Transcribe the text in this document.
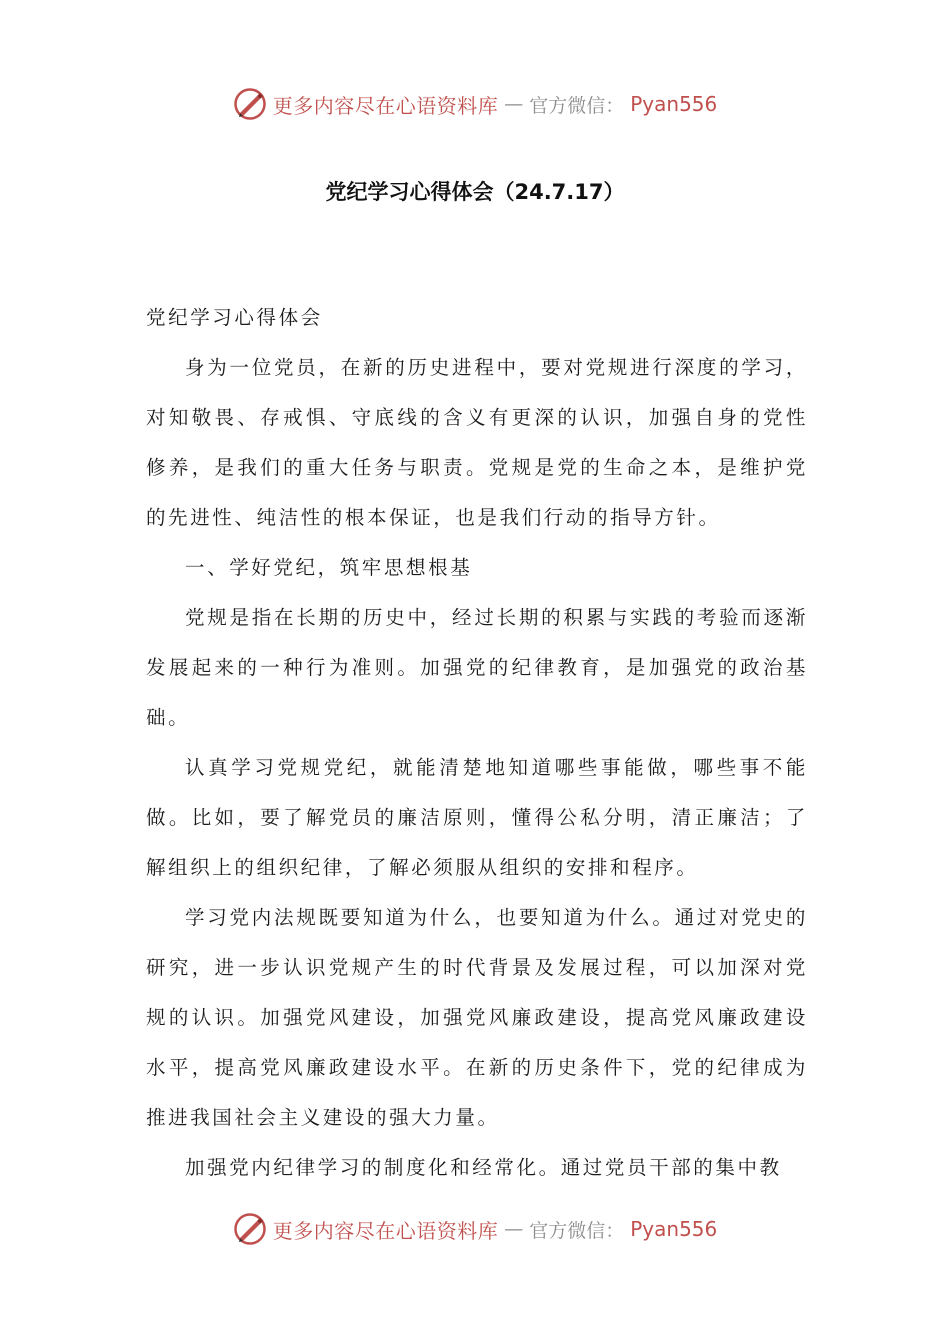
更多内容尽在心语资料库 — 官方微信： Pyan556
党纪学习心得体会（24.7.17）

党纪学习心得体会

身为一位党员，在新的历史进程中，要对党规进行深度的学习，对知敬畏、存戒惧、守底线的含义有更深的认识，加强自身的党性修养，是我们的重大任务与职责。党规是党的生命之本，是维护党的先进性、纯洁性的根本保证，也是我们行动的指导方针。

一、学好党纪，筑牢思想根基

党规是指在长期的历史中，经过长期的积累与实践的考验而逐渐发展起来的一种行为准则。加强党的纪律教育，是加强党的政治基础。

认真学习党规党纪，就能清楚地知道哪些事能做，哪些事不能做。比如，要了解党员的廉洁原则，懂得公私分明，清正廉洁；了解组织上的组织纪律，了解必须服从组织的安排和程序。

学习党内法规既要知道为什么，也要知道为什么。通过对党史的研究，进一步认识党规产生的时代背景及发展过程，可以加深对党规的认识。加强党风建设，加强党风廉政建设，提高党风廉政建设水平，提高党风廉政建设水平。在新的历史条件下，党的纪律成为推进我国社会主义建设的强大力量。

加强党内纪律学习的制度化和经常化。通过党员干部的集中教

更多内容尽在心语资料库 — 官方微信： Pyan556
